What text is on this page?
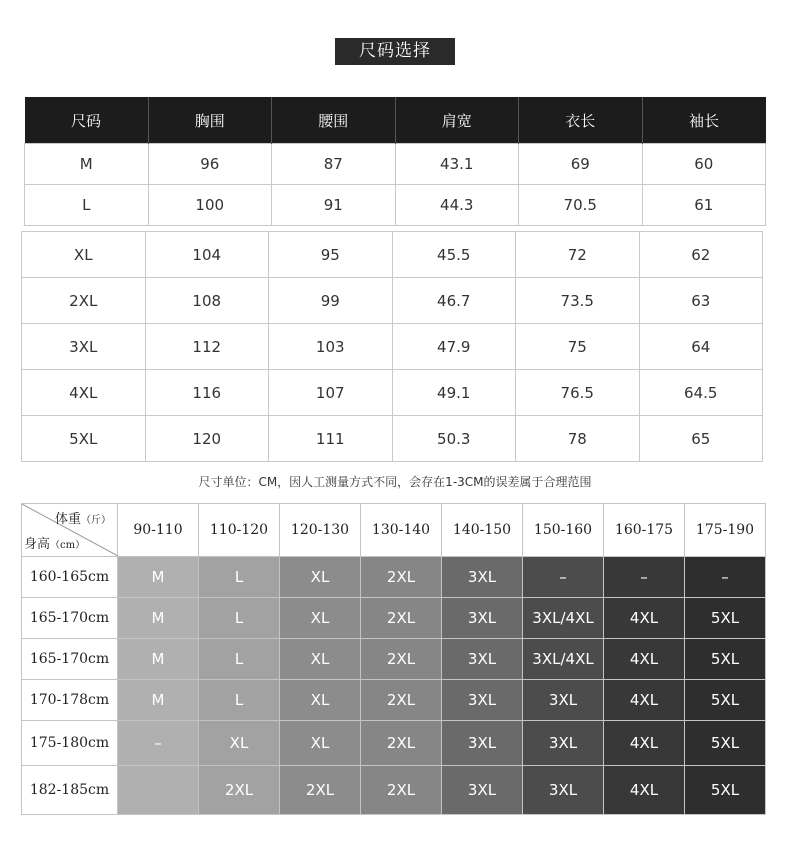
尺码选择
尺码	胸围	腰围	肩宽	衣长	袖长
M	96	87	43.1	69	60
L	100	91	44.3	70.5	61
XL	104	95	45.5	72	62
2XL	108	99	46.7	73.5	63
3XL	112	103	47.9	75	64
4XL	116	107	49.1	76.5	64.5
5XL	120	111	50.3	78	65
尺寸单位：CM，因人工测量方式不同，会存在1-3CM的误差属于合理范围
体重（斤）
身高（cm）	90-110	110-120	120-130	130-140	140-150	150-160	160-175	175-190
160-165cm	M	L	XL	2XL	3XL	–	–	–
165-170cm	M	L	XL	2XL	3XL	3XL/4XL	4XL	5XL
165-170cm	M	L	XL	2XL	3XL	3XL/4XL	4XL	5XL
170-178cm	M	L	XL	2XL	3XL	3XL	4XL	5XL
175-180cm	–	XL	XL	2XL	3XL	3XL	4XL	5XL
182-185cm		2XL	2XL	2XL	3XL	3XL	4XL	5XL
